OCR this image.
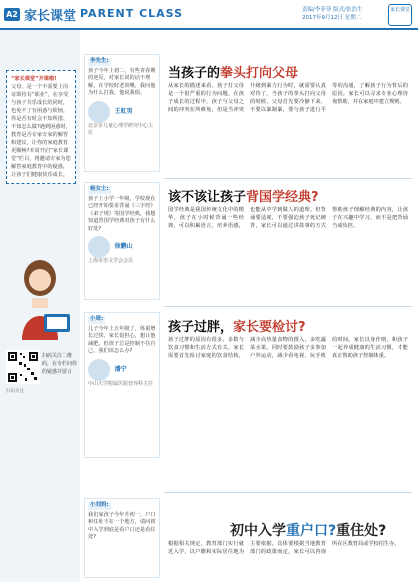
A2 家长课堂 PARENT CLASS	责编/李菲菲 版式/张浩生
2017年9月12日 星期二
家长课堂
“家长课堂”开课啦!
父母，是一个不需要上岗证即持有“职业”，在享受与孩子共乐成长的同时，也免不了有困惑与烦恼。你是否有时会不知所措、不知怎么做?遇到困惑时，教育是否专家专家的解答和建议，让你的家庭教育更顺畅?本周开启“家长课堂”栏目，将邀请专家为您解答家庭教育中的疑惑，让孩子们健康快乐成长。
扫码关注二维码，在专栏问你的疑惑并留言
扫码关注
李先生:
孩子今年上初二，有些青春期的逆反，对家长说的话不理解，在学校时老顶嘴，我问他为什么打我，他说我烦。
王虹男
北京市儿童心理学研究中心主任
当孩子的拳头打向父母
从家长的描述来看，孩子打父母是一个很严重的行为问题。在孩子成长的过程中，孩子与父母之间的冲突在所难免，但是当冲突升级到暴力行为时，就需要认真对待了。当孩子的拳头打向父母的时候，父母首先要冷静下来，不要以暴制暴，要与孩子进行平等的沟通，了解孩子行为背后的原因。家长可以寻求专业心理咨询帮助，并在家庭中建立规则。
杨女士:
孩子上小学一年级，学校现在已经开始要求背诵《三字经》《弟子规》等国学经典，我想知道背国学经典对孩子有什么好处?
徐鹏山
上海市语文学会会员
该不该让孩子背国学经典?
国学经典是我国传统文化中的精华，孩子在小时候背诵一些经典，可以积累语言，培养语感，也能从中学到做人的道理。但背诵要适度，不要强迫孩子死记硬背，家长可以通过讲故事的方式帮助孩子理解经典的内容，让孩子在兴趣中学习，而不是把背诵当成负担。
小周:
儿子今年上五年级了，体重增长过快，家长很担心，想让他减肥，但孩子总是控制不住自己，我们该怎么办?
潘宁
中山大学附属医院营养科主任
孩子过胖，家长要检讨?
孩子过胖的原因有很多，多数与饮食习惯和生活方式有关。家长需要首先检讨家庭的饮食结构，减少高热量食物的摄入，多吃蔬菜水果。同时要鼓励孩子多参加户外运动，减少看电视、玩手机的时间。家长以身作则，和孩子一起养成健康的生活习惯，才能真正帮助孩子控制体重。
小刘妈:
我们家孩子今年升初一，户口和住址不在一个地方，请问初中入学到底是看户口还是看住处?	初中入学重户口?重住处?
根据相关规定，教育部门实行就近入学，以户籍和实际居住地为主要依据。具体要根据当地教育部门的政策而定，家长可以咨询所在区教育局或学校招生办。
